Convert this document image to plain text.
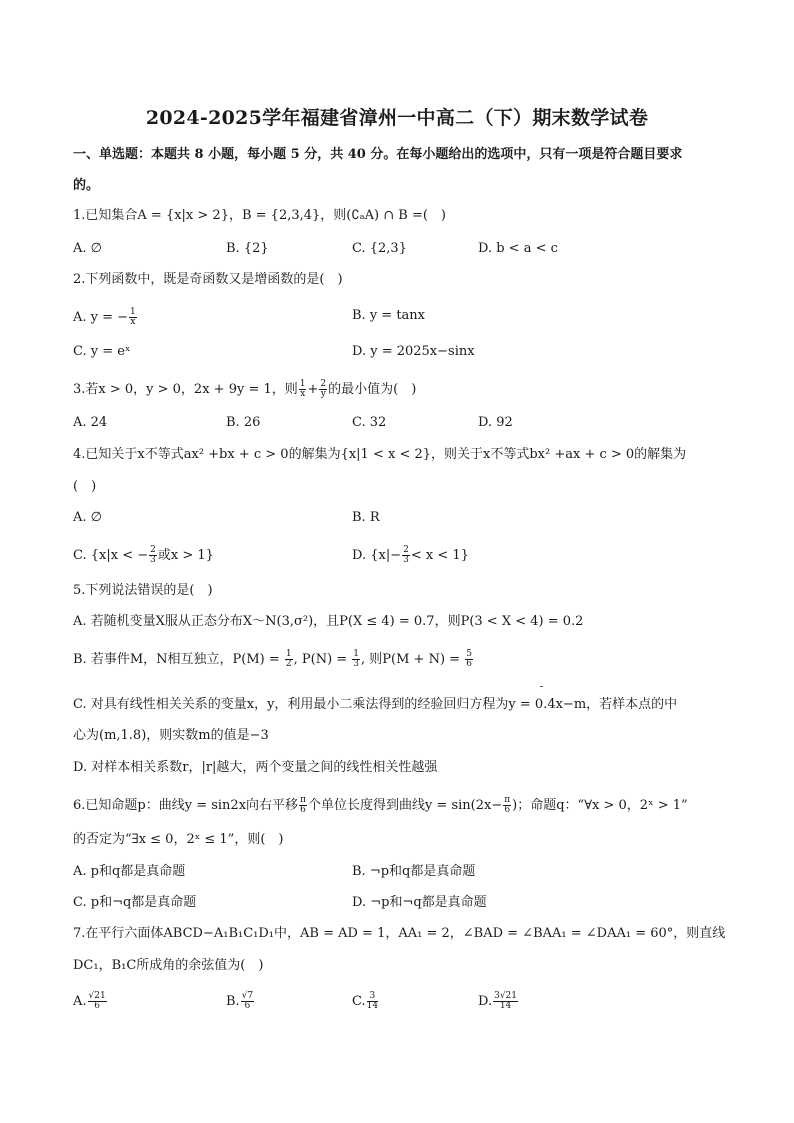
2024-2025学年福建省漳州一中高二（下）期末数学试卷
一、单选题：本题共 8 小题，每小题 5 分，共 40 分。在每小题给出的选项中，只有一项是符合题目要求
的。
1.已知集合A = {x|x > 2}，B = {2,3,4}，则(∁ₐA) ∩ B =(　)
A. ∅	B. {2}	C. {2,3}	D. b < a < c
2.下列函数中，既是奇函数又是增函数的是(　)
A. y = − $\frac{1}{x}$	B. y = tanx
C. y = eˣ	D. y = 2025x−sinx
3.若x > 0，y > 0，2x + 9y = 1，则 $\frac{1}{x} + \frac{2}{y}$ 的最小值为(　)
A. 24	B. 26	C. 32	D. 92
4.已知关于x不等式ax² +bx + c > 0的解集为{x|1 < x < 2}，则关于x不等式bx² +ax + c > 0的解集为
(　)
A. ∅	B. R
C. {x|x < − $\frac{2}{3}$ 或x > 1}	D. $\{x|- \frac{2}{3} < x < 1\}$
5.下列说法错误的是(　)
A. 若随机变量X服从正态分布X～N(3,σ²)，且P(X ≤ 4) = 0.7，则P(3 < X < 4) = 0.2
B. 若事件M，N相互独立，$P(M) = \frac{1}{2}$ , $P(N) = \frac{1}{3}$ , 则$P(M + N) = \frac{5}{6}$
C. 对具有线性相关关系的变量x，y，利用最小二乘法得到的经验回归方程为y = 0.4x−m，若样本点的中
心为(m,1.8)，则实数m的值是−3
D. 对样本相关系数r，|r|越大，两个变量之间的线性相关性越强
6.已知命题p：曲线y = sin2x向右平移 $\frac{\pi}{6}$ 个单位长度得到曲线$y = \sin(2x- \frac{\pi}{6}$ )；命题q：“∀x > 0，2ˣ > 1”
的否定为“∃x ≤ 0，2ˣ ≤ 1”，则(　)
A. p和q都是真命题	B. ¬p和q都是真命题
C. p和¬q都是真命题	D. ¬p和¬q都是真命题
7.在平行六面体ABCD−A₁B₁C₁D₁中，AB = AD = 1，AA₁ = 2，∠BAD = ∠BAA₁ = ∠DAA₁ = 60°，则直线
DC₁，B₁C所成角的余弦值为(　)
A. $\frac{√21}{6}$	B. $\frac{√7}{6}$	C. $\frac{3}{14}$	D. $\frac{3√21}{14}$
